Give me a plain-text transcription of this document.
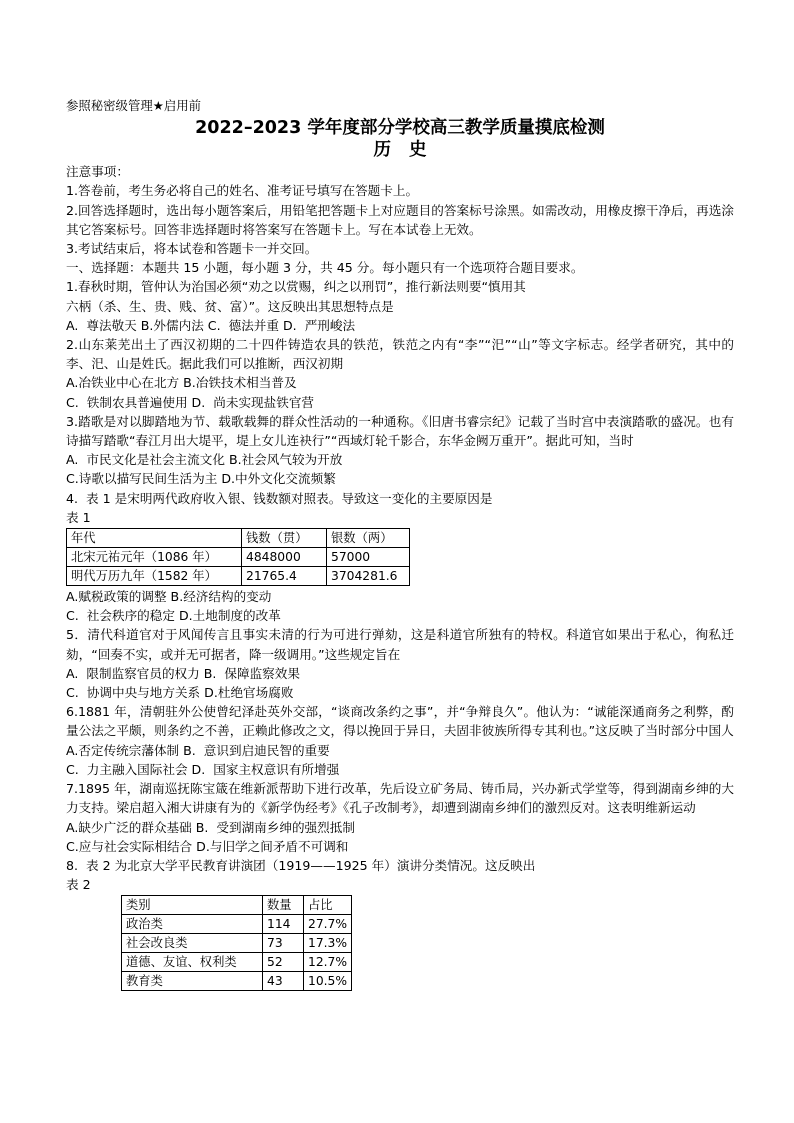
参照秘密级管理★启用前
2022–2023 学年度部分学校高三教学质量摸底检测
历史
注意事项：
1.答卷前，考生务必将自己的姓名、准考证号填写在答题卡上。
2.回答选择题时，选出每小题答案后，用铅笔把答题卡上对应题目的答案标号涂黑。如需改动，用橡皮擦干净后，再选涂其它答案标号。回答非选择题时将答案写在答题卡上。写在本试卷上无效。
3.考试结束后，将本试卷和答题卡一并交回。
一、选择题：本题共 15 小题，每小题 3 分，共 45 分。每小题只有一个选项符合题目要求。
1.春秋时期，管仲认为治国必须“劝之以赏赐，纠之以刑罚”，推行新法则要“慎用其
六柄（杀、生、贵、贱、贫、富）”。这反映出其思想特点是
A.  尊法敬天 B.外儒内法 C.  德法并重 D.  严刑峻法
2.山东莱芜出土了西汉初期的二十四件铸造农具的铁范，铁范之内有“李”“汜”“山”等文字标志。经学者研究，其中的李、汜、山是姓氏。据此我们可以推断，西汉初期
A.冶铁业中心在北方 B.冶铁技术相当普及
C.  铁制农具普遍使用 D.  尚未实现盐铁官营
3.踏歌是对以脚踏地为节、载歌载舞的群众性活动的一种通称。《旧唐书睿宗纪》记载了当时宫中表演踏歌的盛况。也有诗描写踏歌“春江月出大堤平，堤上女儿连袂行”“西域灯轮千影合，东华金阙万重开”。据此可知，当时
A.  市民文化是社会主流文化 B.社会风气较为开放
C.诗歌以描写民间生活为主 D.中外文化交流频繁
4.  表 1 是宋明两代政府收入银、钱数额对照表。导致这一变化的主要原因是
表 1
年代	钱数（贯）	银数（两）
北宋元祐元年（1086 年）	4848000	57000
明代万历九年（1582 年）	21765.4	3704281.6
A.赋税政策的调整 B.经济结构的变动
C.  社会秩序的稳定 D.土地制度的改革
5．清代科道官对于风闻传言且事实未清的行为可进行弹劾，这是科道官所独有的特权。科道官如果出于私心，徇私迁劾，“回奏不实，或并无可据者，降一级调用。”这些规定旨在
A.  限制监察官员的权力 B.  保障监察效果
C.  协调中央与地方关系 D.杜绝官场腐败
6.1881 年，清朝驻外公使曾纪泽赴英外交部，“谈商改条约之事”，并“争辩良久”。他认为：“诚能深通商务之利弊，酌量公法之平颇，则条约之不善，正赖此修改之文，得以挽回于异日，夫固非彼族所得专其利也。”这反映了当时部分中国人
A.否定传统宗藩体制 B.  意识到启迪民智的重要
C.  力主融入国际社会 D.  国家主权意识有所增强
7.1895 年，湖南巡抚陈宝箴在维新派帮助下进行改革，先后设立矿务局、铸币局，兴办新式学堂等，得到湖南乡绅的大力支持。梁启超入湘大讲康有为的《新学伪经考》《孔子改制考》，却遭到湖南乡绅们的激烈反对。这表明维新运动
A.缺少广泛的群众基础 B.  受到湖南乡绅的强烈抵制
C.应与社会实际相结合 D.与旧学之间矛盾不可调和
8.  表 2 为北京大学平民教育讲演团（1919——1925 年）演讲分类情况。这反映出
表 2
类别	数量	占比
政治类	114	27.7%
社会改良类	73	17.3%
道德、友谊、权利类	52	12.7%
教育类	43	10.5%
